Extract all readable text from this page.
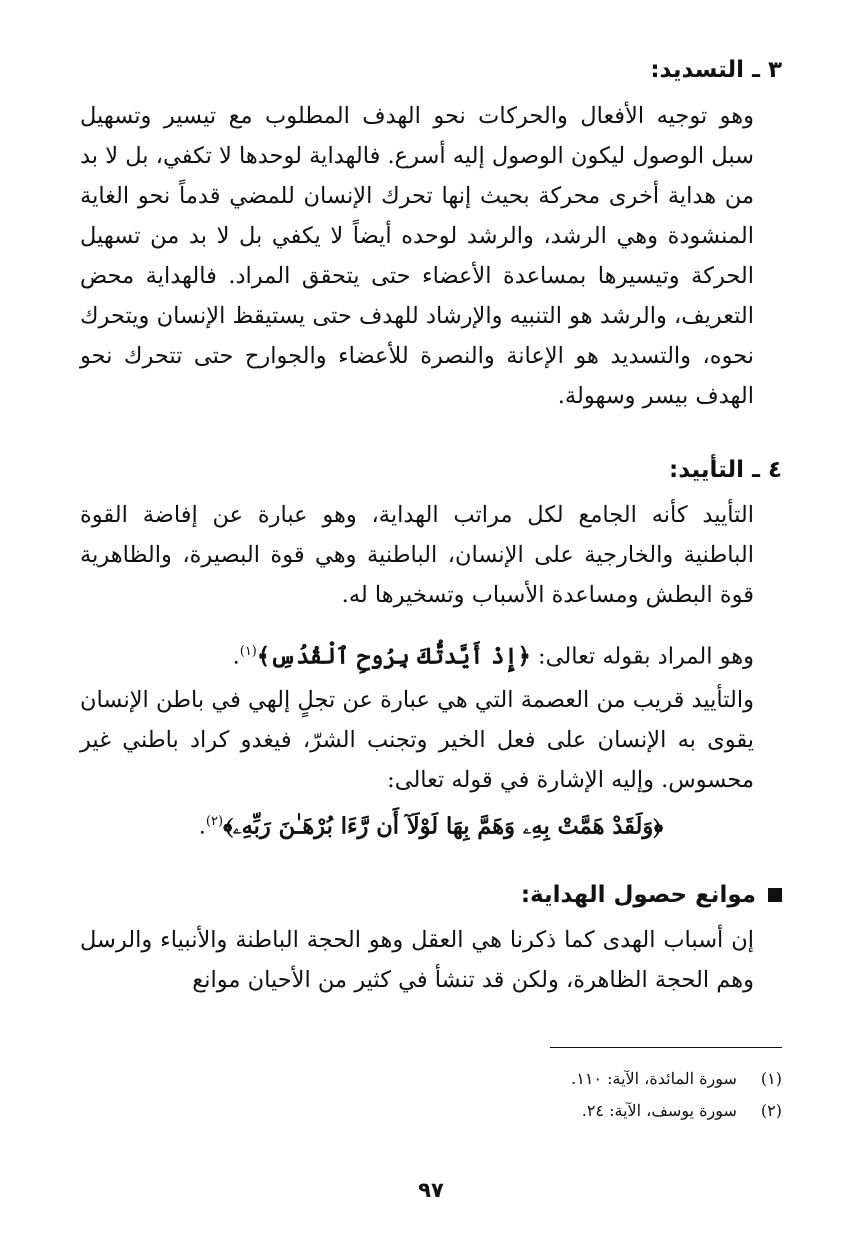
٣ ـ التسديد:

وهو توجيه الأفعال والحركات نحو الهدف المطلوب مع تيسير وتسهيل سبل الوصول ليكون الوصول إليه أسرع. فالهداية لوحدها لا تكفي، بل لا بد من هداية أخرى محركة بحيث إنها تحرك الإنسان للمضي قدماً نحو الغاية المنشودة وهي الرشد، والرشد لوحده أيضاً لا يكفي بل لا بد من تسهيل الحركة وتيسيرها بمساعدة الأعضاء حتى يتحقق المراد. فالهداية محض التعريف، والرشد هو التنبيه والإرشاد للهدف حتى يستيقظ الإنسان ويتحرك نحوه، والتسديد هو الإعانة والنصرة للأعضاء والجوارح حتى تتحرك نحو الهدف بيسر وسهولة.

٤ ـ التأييد:

التأييد كأنه الجامع لكل مراتب الهداية، وهو عبارة عن إفاضة القوة الباطنية والخارجية على الإنسان، الباطنية وهي قوة البصيرة، والظاهرية قوة البطش ومساعدة الأسباب وتسخيرها له.

وهو المراد بقوله تعالى: ﴿إِذْ أَيَّدتُّكَ بِرُوحِ ٱلْقُدُسِ﴾$^{(١)}$.

والتأييد قريب من العصمة التي هي عبارة عن تجلٍ إلهي في باطن الإنسان يقوى به الإنسان على فعل الخير وتجنب الشرّ، فيغدو كراد باطني غير محسوس. وإليه الإشارة في قوله تعالى:

﴿وَلَقَدْ هَمَّتْ بِهِۦ وَهَمَّ بِهَا لَوْلَآ أَن رَّءَا بُرْهَـٰنَ رَبِّهِۦ﴾$^{(٢)}$.

موانع حصول الهداية:

إن أسباب الهدى كما ذكرنا هي العقل وهو الحجة الباطنة والأنبياء والرسل وهم الحجة الظاهرة، ولكن قد تنشأ في كثير من الأحيان موانع

(١) سورة المائدة، الآية: ١١٠.
(٢) سورة يوسف، الآية: ٢٤.
٩٧
